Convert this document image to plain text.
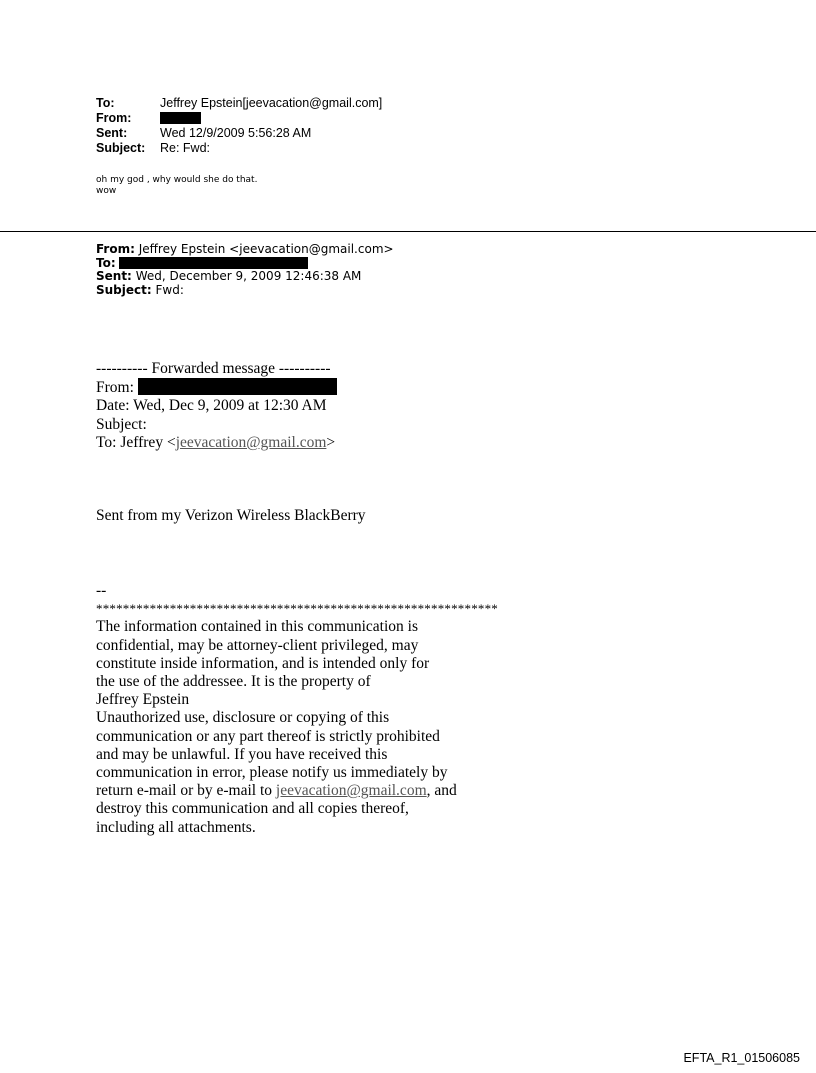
To:	Jeffrey Epstein[jeevacation@gmail.com]
From:
Sent:	Wed 12/9/2009 5:56:28 AM
Subject:	Re: Fwd:
oh my god , why would she do that.
wow
From: Jeffrey Epstein <jeevacation@gmail.com>
To:
Sent: Wed, December 9, 2009 12:46:38 AM
Subject: Fwd:
---------- Forwarded message ----------
From:
Date: Wed, Dec 9, 2009 at 12:30 AM
Subject:
To: Jeffrey <jeevacation@gmail.com>
Sent from my Verizon Wireless BlackBerry
--
************************************************************
The information contained in this communication is
confidential, may be attorney-client privileged, may
constitute inside information, and is intended only for
the use of the addressee. It is the property of
Jeffrey Epstein
Unauthorized use, disclosure or copying of this
communication or any part thereof is strictly prohibited
and may be unlawful. If you have received this
communication in error, please notify us immediately by
return e-mail or by e-mail to jeevacation@gmail.com, and
destroy this communication and all copies thereof,
including all attachments.
EFTA_R1_01506085
